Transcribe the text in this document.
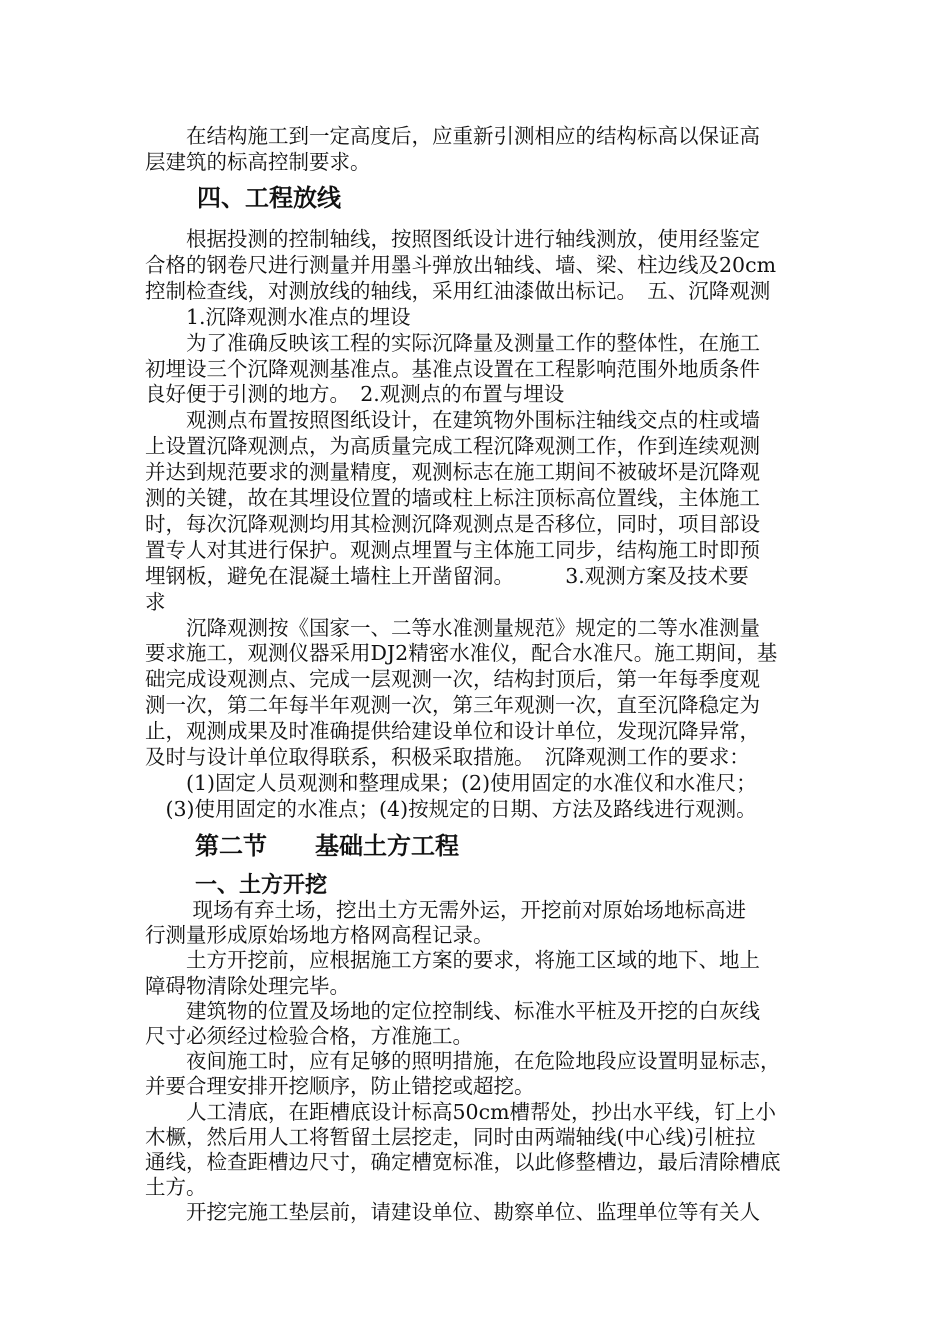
　　在结构施工到一定高度后，应重新引测相应的结构标高以保证高
层建筑的标高控制要求。
四、工程放线
　　根据投测的控制轴线，按照图纸设计进行轴线测放，使用经鉴定
合格的钢卷尺进行测量并用墨斗弹放出轴线、墙、梁、柱边线及20cm
控制检查线，对测放线的轴线，采用红油漆做出标记。　五、沉降观测
　　1.沉降观测水准点的埋设
　　为了准确反映该工程的实际沉降量及测量工作的整体性，在施工
初埋设三个沉降观测基准点。基准点设置在工程影响范围外地质条件
良好便于引测的地方。　2.观测点的布置与埋设
　　观测点布置按照图纸设计，在建筑物外围标注轴线交点的柱或墙
上设置沉降观测点，为高质量完成工程沉降观测工作，作到连续观测
并达到规范要求的测量精度，观测标志在施工期间不被破坏是沉降观
测的关键，故在其埋设位置的墙或柱上标注顶标高位置线，主体施工
时，每次沉降观测均用其检测沉降观测点是否移位，同时，项目部设
置专人对其进行保护。观测点埋置与主体施工同步，结构施工时即预
埋钢板，避免在混凝土墙柱上开凿留洞。　　　3.观测方案及技术要
求
　　沉降观测按《国家一、二等水准测量规范》规定的二等水准测量
要求施工，观测仪器采用DJ2精密水准仪，配合水准尺。施工期间，基
础完成设观测点、完成一层观测一次，结构封顶后，第一年每季度观
测一次，第二年每半年观测一次，第三年观测一次，直至沉降稳定为
止，观测成果及时准确提供给建设单位和设计单位，发现沉降异常，
及时与设计单位取得联系，积极采取措施。　沉降观测工作的要求：
　　(1)固定人员观测和整理成果；(2)使用固定的水准仪和水准尺；
　(3)使用固定的水准点；(4)按规定的日期、方法及路线进行观测。
第二节　　基础土方工程
一、土方开挖
　　 现场有弃土场，挖出土方无需外运，开挖前对原始场地标高进
行测量形成原始场地方格网高程记录。
　　土方开挖前，应根据施工方案的要求，将施工区域的地下、地上
障碍物清除处理完毕。
　　建筑物的位置及场地的定位控制线、标准水平桩及开挖的白灰线
尺寸必须经过检验合格，方准施工。
　　夜间施工时，应有足够的照明措施，在危险地段应设置明显标志，
并要合理安排开挖顺序，防止错挖或超挖。
　　人工清底，在距槽底设计标高50cm槽帮处，抄出水平线，钉上小
木橛，然后用人工将暂留土层挖走，同时由两端轴线(中心线)引桩拉
通线，检查距槽边尺寸，确定槽宽标准，以此修整槽边，最后清除槽底
土方。
　　开挖完施工垫层前，请建设单位、勘察单位、监理单位等有关人
